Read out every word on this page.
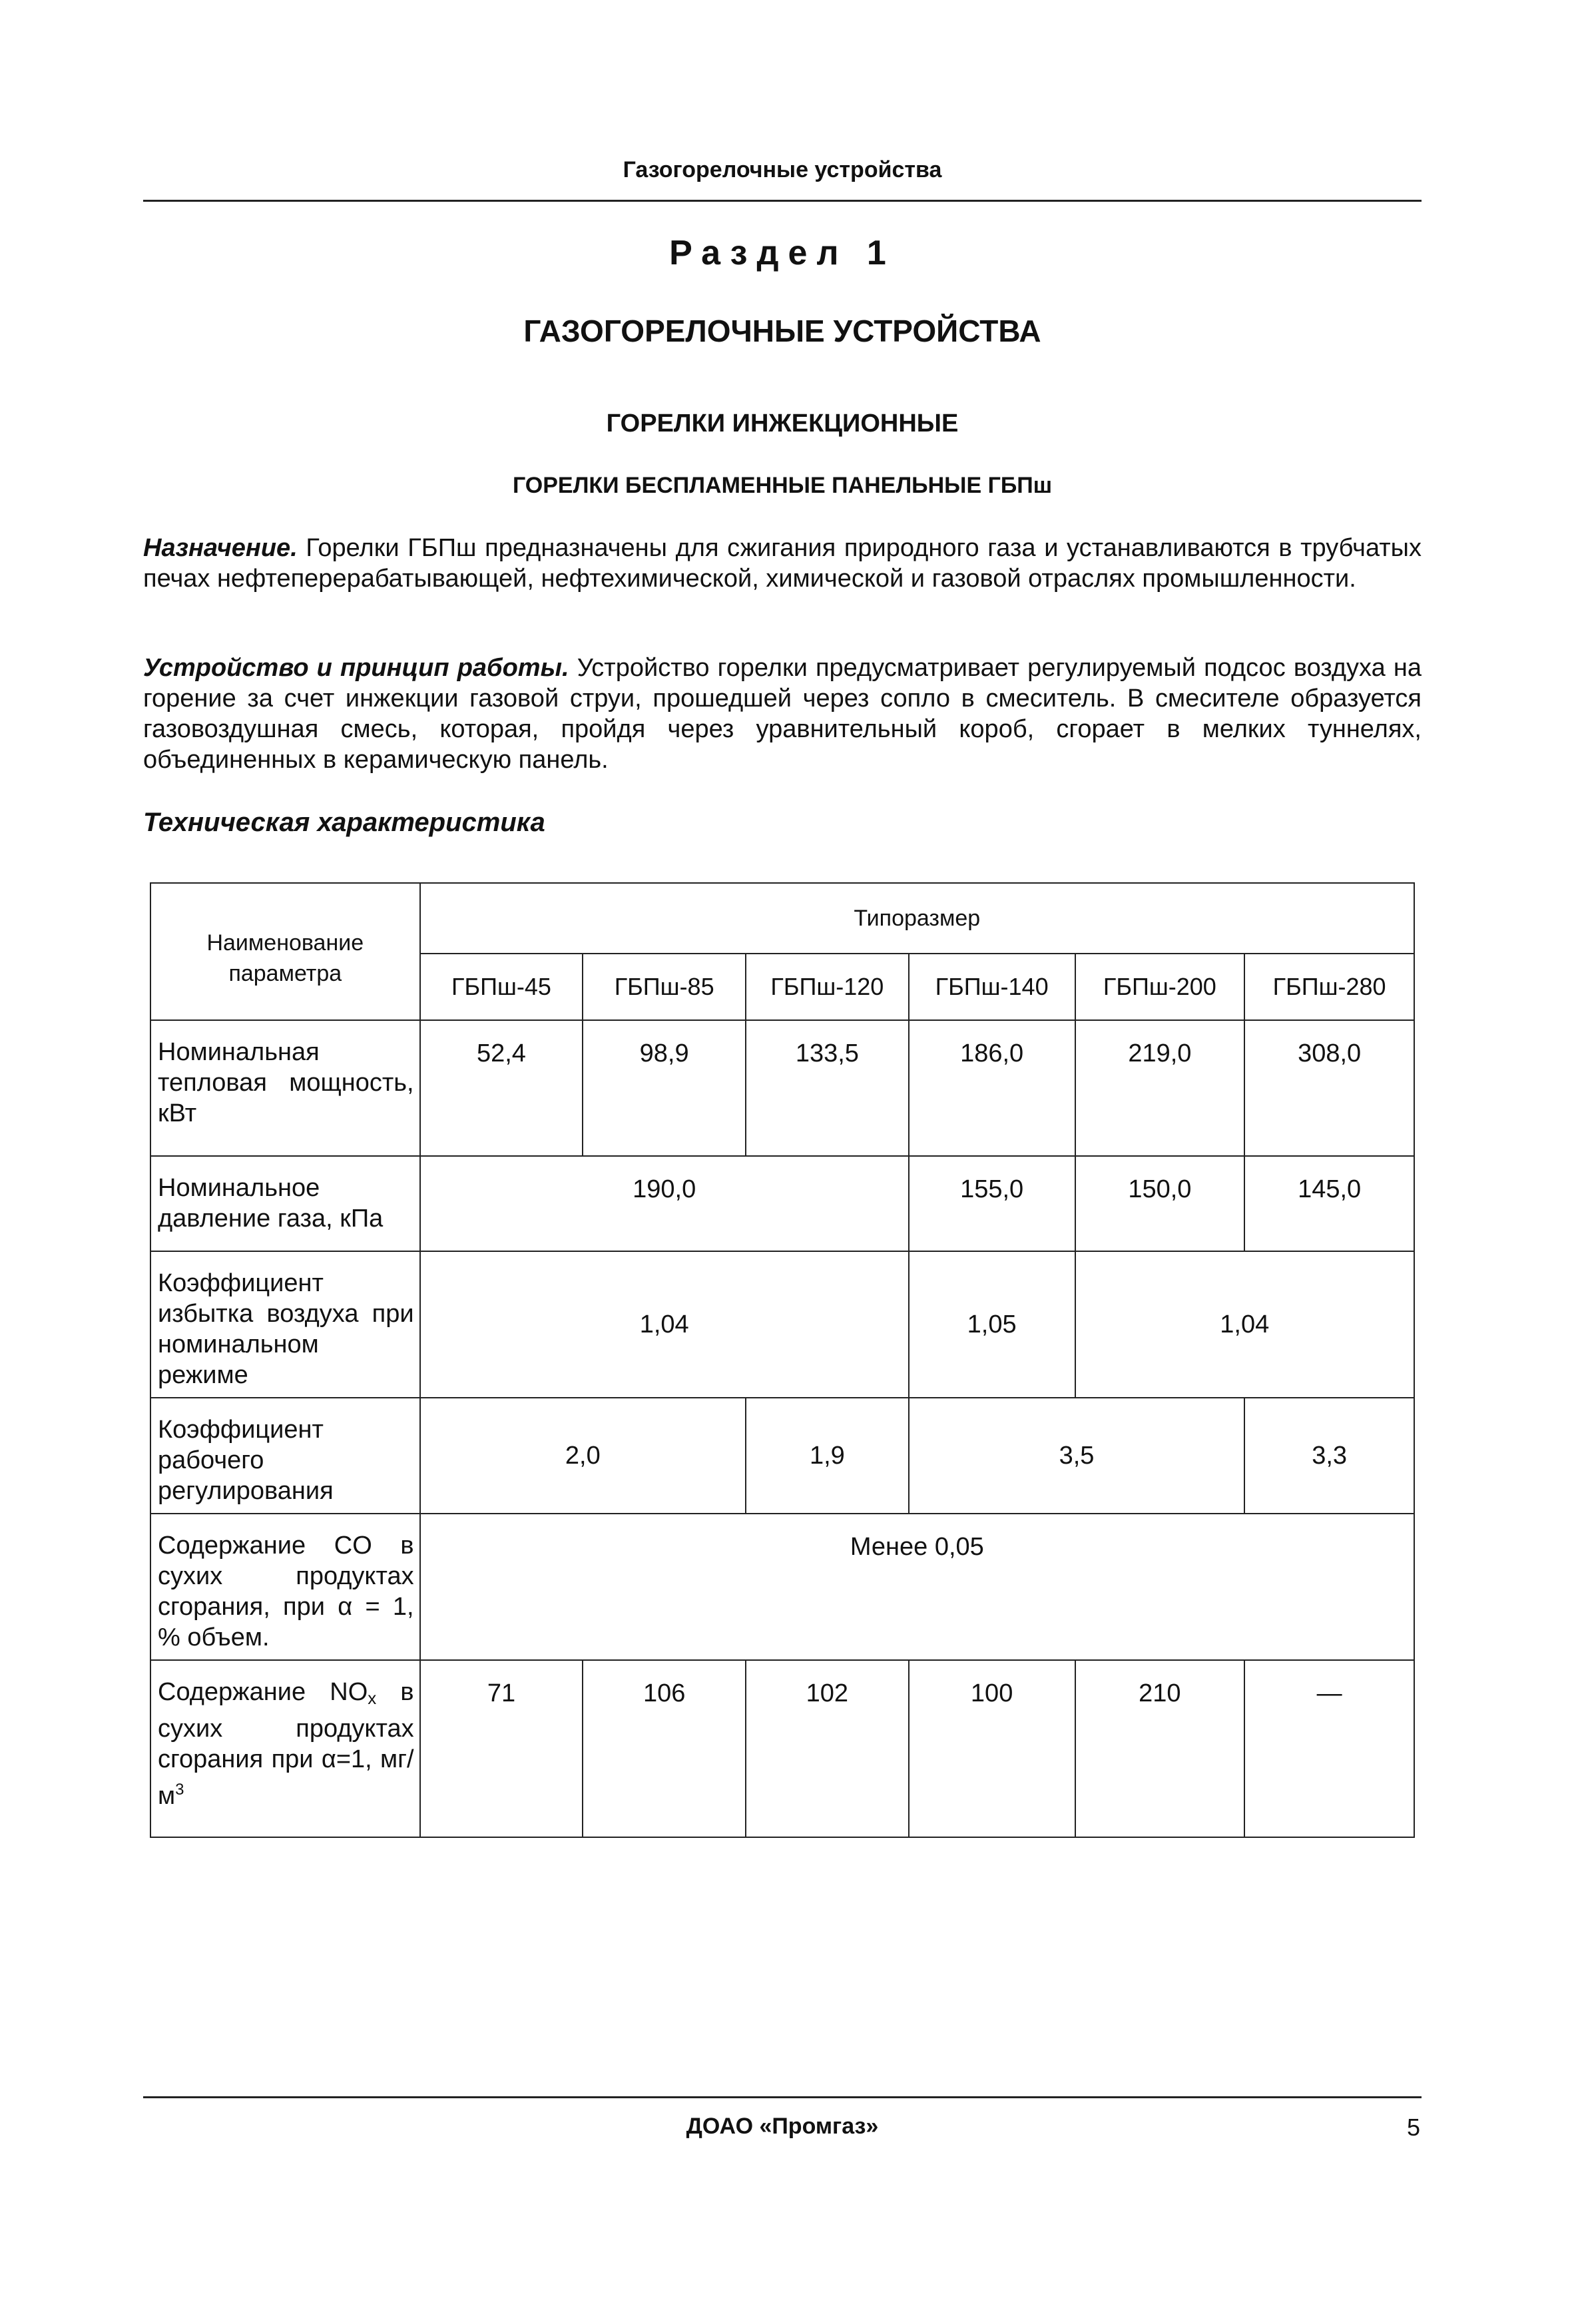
Газогорелочные устройства
Раздел 1
ГАЗОГОРЕЛОЧНЫЕ УСТРОЙСТВА
ГОРЕЛКИ ИНЖЕКЦИОННЫЕ
ГОРЕЛКИ БЕСПЛАМЕННЫЕ ПАНЕЛЬНЫЕ ГБПш
Назначение. Горелки ГБПш предназначены для сжигания природного газа и устанавливаются в трубчатых печах нефтеперерабатывающей, нефтехимической, химической и газовой отраслях промышленности.
Устройство и принцип работы. Устройство горелки предусматривает регулируемый подсос воздуха на горение за счет инжекции газовой струи, прошедшей через сопло в смеситель. В смесителе образуется газовоздушная смесь, которая, пройдя через уравнительный короб, сгорает в мелких туннелях, объединенных в керамическую панель.
Техническая характеристика
Наименование параметра	Типоразмер					
	ГБПш-45	ГБПш-85	ГБПш-120	ГБПш-140	ГБПш-200	ГБПш-280
Номинальная тепловая мощность, кВт	52,4	98,9	133,5	186,0	219,0	308,0
Номинальное давление газа, кПа	190,0			155,0	150,0	145,0
Коэффициент избытка воздуха при номинальном режиме	1,04			1,05	1,04	
Коэффициент рабочего регулирования	2,0		1,9	3,5		3,3
Содержание CO в сухих продуктах сгорания, при α = 1, % объем.	Менее 0,05					
Содержание NOx в сухих продуктах сгорания при α=1, $мг/м^3$	71	106	102	100	210	—
ДОАО «Промгаз»	5
